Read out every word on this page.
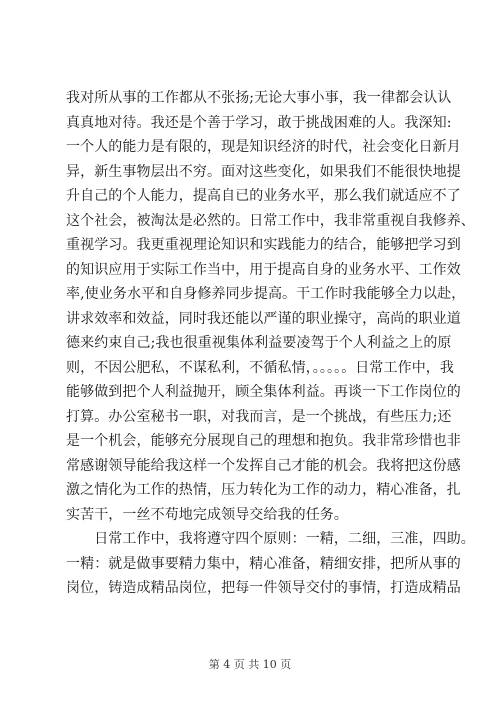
我对所从事的工作都从不张扬;无论大事小事，我一律都会认认
真真地对待。我还是个善于学习，敢于挑战困难的人。我深知:
一个人的能力是有限的，现是知识经济的时代，社会变化日新月
异，新生事物层出不穷。面对这些变化，如果我们不能很快地提
升自己的个人能力，提高自已的业务水平，那么我们就适应不了
这个社会，被淘汰是必然的。日常工作中，我非常重视自我修养、
重视学习。我更重视理论知识和实践能力的结合，能够把学习到
的知识应用于实际工作当中，用于提高自身的业务水平、工作效
率,使业务水平和自身修养同步提高。干工作时我能够全力以赴，
讲求效率和效益，同时我还能以严谨的职业操守，高尚的职业道
德来约束自己;我也很重视集体利益要凌驾于个人利益之上的原
则，不因公肥私，不谋私利，不循私情，。。。。。日常工作中，我
能够做到把个人利益抛开，顾全集体利益。再谈一下工作岗位的
打算。办公室秘书一职，对我而言，是一个挑战，有些压力;还
是一个机会，能够充分展现自己的理想和抱负。我非常珍惜也非
常感谢领导能给我这样一个发挥自己才能的机会。我将把这份感
激之情化为工作的热情，压力转化为工作的动力，精心准备，扎
实苦干，一丝不苟地完成领导交给我的任务。
　　日常工作中，我将遵守四个原则：一精，二细，三准，四助。
一精：就是做事要精力集中，精心准备，精细安排，把所从事的
岗位，铸造成精品岗位，把每一件领导交付的事情，打造成精品
第 4 页 共 10 页
